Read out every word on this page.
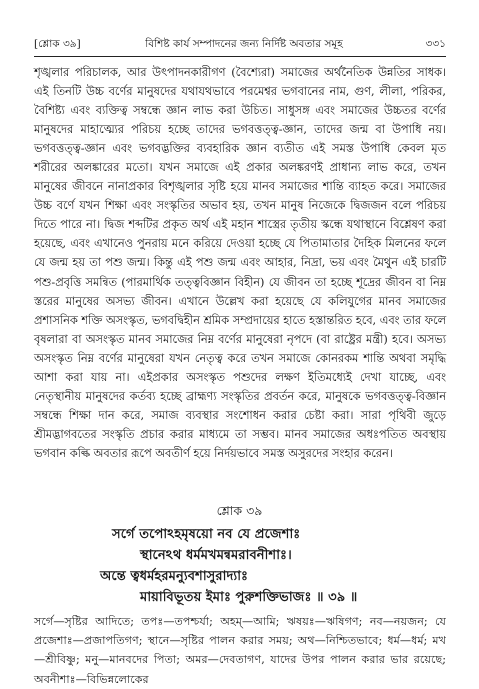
[শ্লোক ৩৯]	বিশিষ্ট কার্য সম্পাদনের জন্য নির্দিষ্ট অবতার সমূহ	৩৩১

শৃঙ্খলার পরিচালক, আর উৎপাদনকারীগণ (বৈশ্যেরা) সমাজের অর্থনৈতিক উন্নতির সাধক। এই তিনটি উচ্চ বর্ণের মানুষদের যথাযথভাবে পরমেশ্বর ভগবানের নাম, গুণ, লীলা, পরিকর, বৈশিষ্ট্য এবং ব্যক্তিত্ব সম্বন্ধে জ্ঞান লাভ করা উচিত। সাধুসঙ্গ এবং সমাজের উচ্চতর বর্ণের মানুষদের মাহাত্ম্যের পরিচয় হচ্ছে তাদের ভগবত্তত্ত্ব-জ্ঞান, তাদের জন্ম বা উপাধি নয়। ভগবত্তত্ত্ব-জ্ঞান এবং ভগবদ্ভক্তির ব্যবহারিক জ্ঞান ব্যতীত এই সমস্ত উপাধি কেবল মৃত শরীরের অলঙ্কারের মতো। যখন সমাজে এই প্রকার অলঙ্করণই প্রাধান্য লাভ করে, তখন মানুষের জীবনে নানাপ্রকার বিশৃঙ্খলার সৃষ্টি হয়ে মানব সমাজের শান্তি ব্যাহত করে। সমাজের উচ্চ বর্ণে যখন শিক্ষা এবং সংস্কৃতির অভাব হয়, তখন মানুষ নিজেকে দ্বিজজন বলে পরিচয় দিতে পারে না। দ্বিজ শব্দটির প্রকৃত অর্থ এই মহান শাস্ত্রের তৃতীয় স্কন্ধে যথাস্থানে বিশ্লেষণ করা হয়েছে, এবং এখানেও পুনরায় মনে করিয়ে দেওয়া হচ্ছে যে পিতামাতার দৈহিক মিলনের ফলে যে জন্ম হয় তা পশু জন্ম। কিন্তু এই পশু জন্ম এবং আহার, নিদ্রা, ভয় এবং মৈথুন এই চারটি পশু-প্রবৃত্তি সমন্বিত (পারমার্থিক তত্ত্ববিজ্ঞান বিহীন) যে জীবন তা হচ্ছে শূদ্রের জীবন বা নিম্ন স্তরের মানুষের অসভ্য জীবন। এখানে উল্লেখ করা হয়েছে যে কলিযুগের মানব সমাজের প্রশাসনিক শক্তি অসংস্কৃত, ভগবদ্বিহীন শ্রমিক সম্প্রদায়ের হাতে হস্তান্তরিত হবে, এবং তার ফলে বৃষলারা বা অসংস্কৃত মানব সমাজের নিম্ন বর্ণের মানুষেরা নৃপদে (বা রাষ্ট্রের মন্ত্রী) হবে। অসভ্য অসংস্কৃত নিম্ন বর্ণের মানুষেরা যখন নেতৃত্ব করে তখন সমাজে কোনরকম শান্তি অথবা সমৃদ্ধি আশা করা যায় না। এইপ্রকার অসংস্কৃত পশুদের লক্ষণ ইতিমধ্যেই দেখা যাচ্ছে, এবং নেতৃস্থানীয় মানুষদের কর্তব্য হচ্ছে ব্রাহ্মণ্য সংস্কৃতির প্রবর্তন করে, মানুষকে ভগবত্তত্ত্ব-বিজ্ঞান সম্বন্ধে শিক্ষা দান করে, সমাজ ব্যবস্থার সংশোধন করার চেষ্টা করা। সারা পৃথিবী জুড়ে শ্রীমদ্ভাগবতের সংস্কৃতি প্রচার করার মাধ্যমে তা সম্ভব। মানব সমাজের অধঃপতিত অবস্থায় ভগবান কল্কি অবতার রূপে অবতীর্ণ হয়ে নির্দয়ভাবে সমস্ত অসুরদের সংহার করেন।

শ্লোক ৩৯
সর্গে তপোঽহমৃষয়ো নব যে প্রজেশাঃ
স্থানেঽথ ধর্মমখমন্বমরাবনীশাঃ।
অন্তে ত্বধর্মহরমন্যুবশাসুরাদ্যাঃ
মায়াবিভূতয় ইমাঃ পুরুশক্তিভাজঃ ॥ ৩৯ ॥

সর্গে—সৃষ্টির আদিতে; তপঃ—তপশ্চর্যা; অহম্—আমি; ঋষয়ঃ—ঋষিগণ; নব—নয়জন; যে প্রজেশাঃ—প্রজাপতিগণ; স্থানে—সৃষ্টির পালন করার সময়; অথ—নিশ্চিতভাবে; ধর্ম—ধর্ম; মখ—শ্রীবিষ্ণু; মনু—মানবদের পিতা; অমর—দেবতাগণ, যাদের উপর পালন করার ভার রয়েছে; অবনীশাঃ—বিভিন্নলোকের
